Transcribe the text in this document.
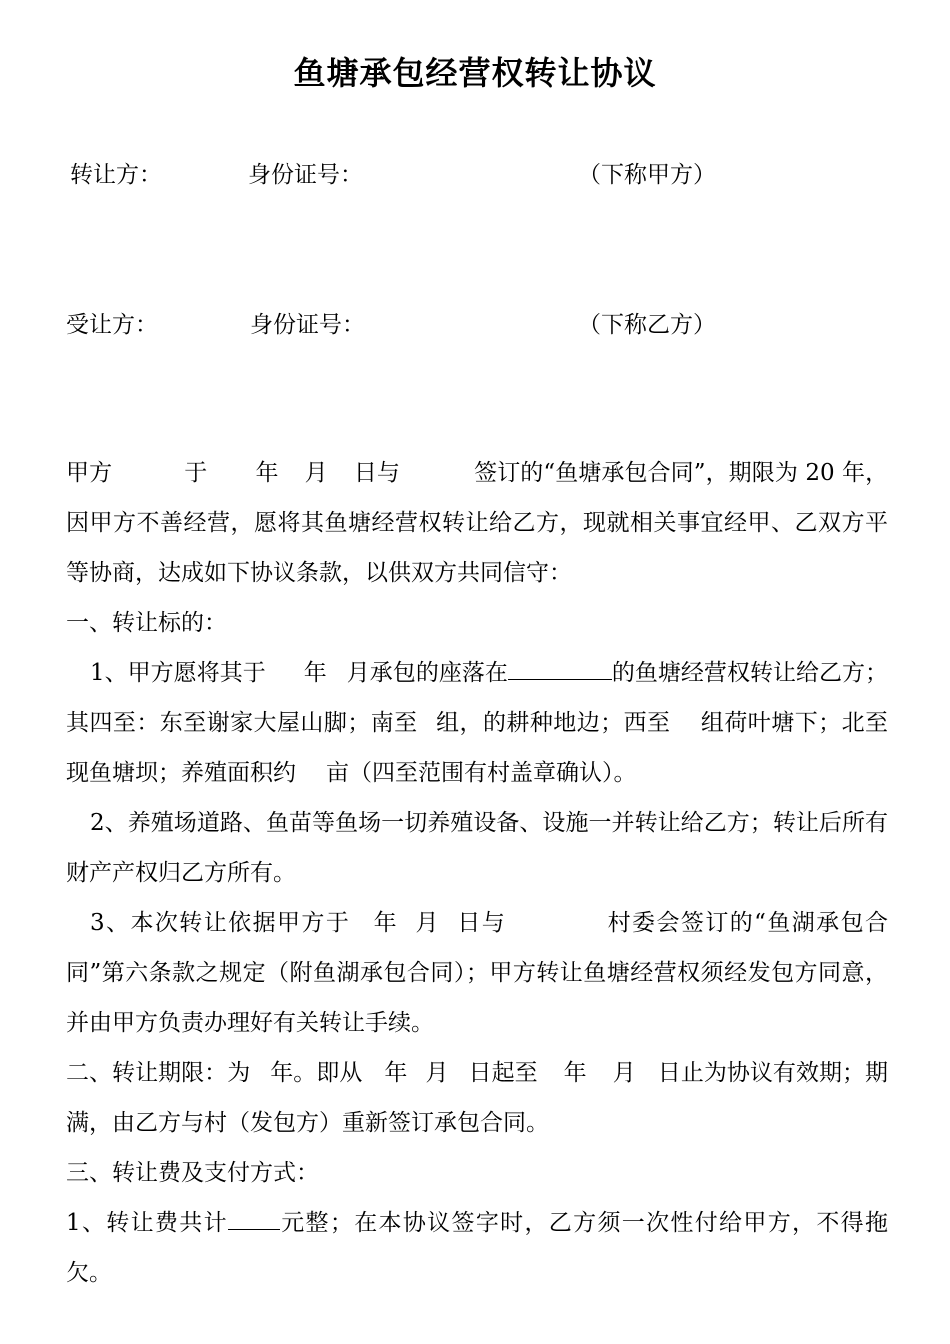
鱼塘承包经营权转让协议
转让方：	身份证号：	（下称甲方）
受让方：	身份证号：	（下称乙方）

甲方	于 年 月 日与	签订的“鱼塘承包合同”，期限为 20 年，因甲方不善经营，愿将其鱼塘经营权转让给乙方，现就相关事宜经甲、乙双方平等协商，达成如下协议条款，以供双方共同信守：

一、转让标的：

1、甲方愿将其于 年 月承包的座落在	的鱼塘经营权转让给乙方；其四至：东至谢家大屋山脚；南至 组，的耕种地边；西至 组荷叶塘下；北至现鱼塘坝；养殖面积约 亩（四至范围有村盖章确认）。

2、养殖场道路、鱼苗等鱼场一切养殖设备、设施一并转让给乙方；转让后所有财产产权归乙方所有。

3、本次转让依据甲方于 年 月 日与	村委会签订的“鱼湖承包合同”第六条款之规定（附鱼湖承包合同）；甲方转让鱼塘经营权须经发包方同意，并由甲方负责办理好有关转让手续。

二、转让期限：为 年。即从 年 月 日起至 年 月 日止为协议有效期；期满，由乙方与村（发包方）重新签订承包合同。

三、转让费及支付方式：

1、转让费共计 元整；在本协议签字时，乙方须一次性付给甲方，不得拖欠。
